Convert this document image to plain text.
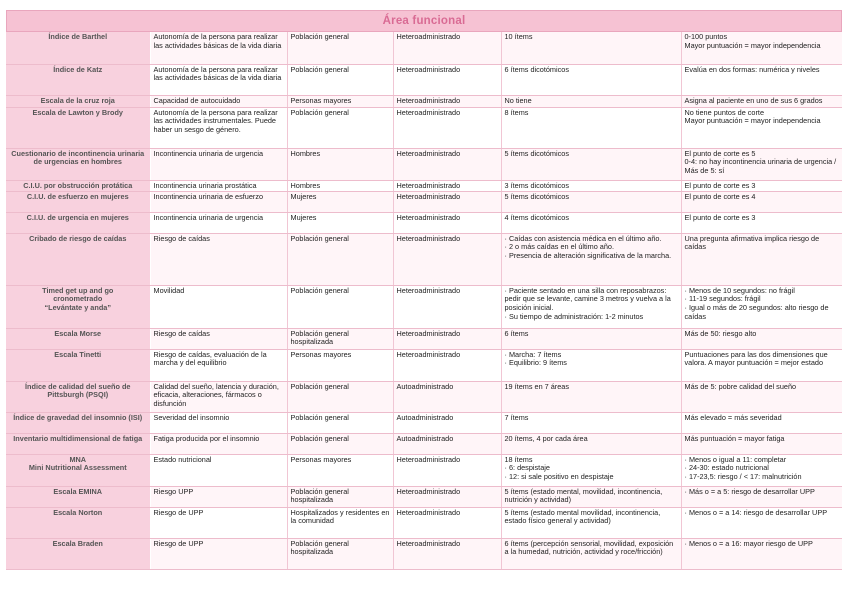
Área funcional
Índice de Barthel	Autonomía de la persona para realizar las actividades básicas de la vida diaria	Población general	Heteroadministrado	10 ítems	0-100 puntos
Mayor puntuación = mayor independencia

Índice de Katz	Autonomía de la persona para realizar las actividades básicas de la vida diaria	Población general	Heteroadministrado	6 ítems dicotómicos	Evalúa en dos formas: numérica y niveles

Escala de la cruz roja	Capacidad de autocuidado	Personas mayores	Heteroadministrado	No tiene	Asigna al paciente en uno de sus 6 grados

Escala de Lawton y Brody	Autonomía de la persona para realizar las actividades instrumentales. Puede haber un sesgo de género.	Población general	Heteroadministrado	8 ítems	No tiene puntos de corte
Mayor puntuación = mayor independencia

Cuestionario de incontinencia urinaria de urgencias en hombres	Incontinencia urinaria de urgencia	Hombres	Heteroadministrado	5 ítems dicotómicos	El punto de corte es 5
0-4: no hay incontinencia urinaria de urgencia / Más de 5: sí

C.I.U. por obstrucción protática	Incontinencia urinaria prostática	Hombres	Heteroadministrado	3 ítems dicotómicos	El punto de corte es 3

C.I.U. de esfuerzo en mujeres	Incontinencia urinaria de esfuerzo	Mujeres	Heteroadministrado	5 ítems dicotómicos	El punto de corte es 4

C.I.U. de urgencia en mujeres	Incontinencia urinaria de urgencia	Mujeres	Heteroadministrado	4 ítems dicotómicos	El punto de corte es 3

Cribado de riesgo de caídas	Riesgo de caídas	Población general	Heteroadministrado	· Caídas con asistencia médica en el último año.
· 2 o más caídas en el último año.
· Presencia de alteración significativa de la marcha.	Una pregunta afirmativa implica riesgo de caídas

Timed get up and go
cronometrado
“Levántate y anda”	Movilidad	Población general	Heteroadministrado	· Paciente sentado en una silla con reposabrazos: pedir que se levante, camine 3 metros y vuelva a la posición inicial.
· Su tiempo de administración: 1-2 minutos	· Menos de 10 segundos: no frágil
· 11-19 segundos: frágil
· Igual o más de 20 segundos: alto riesgo de caídas

Escala Morse	Riesgo de caídas	Población general hospitalizada	Heteroadministrado	6 ítems	Más de 50: riesgo alto

Escala Tinetti	Riesgo de caídas, evaluación de la marcha y del equilibrio	Personas mayores	Heteroadministrado	· Marcha: 7 ítems
· Equilibrio: 9 ítems	Puntuaciones para las dos dimensiones que valora. A mayor puntuación = mejor estado

Índice de calidad del sueño de Pittsburgh (PSQI)	Calidad del sueño, latencia y duración, eficacia, alteraciones, fármacos o disfunción	Población general	Autoadministrado	19 ítems en 7 áreas	Más de 5: pobre calidad del sueño

Índice de gravedad del insomnio (ISI)	Severidad del insomnio	Población general	Autoadministrado	7 ítems	Más elevado = más severidad

Inventario multidimensional de fatiga	Fatiga producida por el insomnio	Población general	Autoadministrado	20 ítems, 4 por cada área	Más puntuación = mayor fatiga

MNA
Mini Nutritional Assessment	Estado nutricional	Personas mayores	Heteroadministrado	18 ítems
· 6: despistaje
· 12: si sale positivo en despistaje	· Menos o igual a 11: completar
· 24-30: estado nutricional
· 17-23,5: riesgo / < 17: malnutrición

Escala EMINA	Riesgo UPP	Población general hospitalizada	Heteroadministrado	5 ítems (estado mental, movilidad, incontinencia, nutrición y actividad)	· Más o = a 5: riesgo de desarrollar UPP

Escala Norton	Riesgo de UPP	Hospitalizados y residentes en la comunidad	Heteroadministrado	5 ítems (estado mental movilidad, incontinencia, estado físico general y actividad)	· Menos o = a 14: riesgo de desarrollar UPP

Escala Braden	Riesgo de UPP	Población general hospitalizada	Heteroadministrado	6 ítems (percepción sensorial, movilidad, exposición a la humedad, nutrición, actividad y roce/fricción)	· Menos o = a 16: mayor riesgo de UPP
